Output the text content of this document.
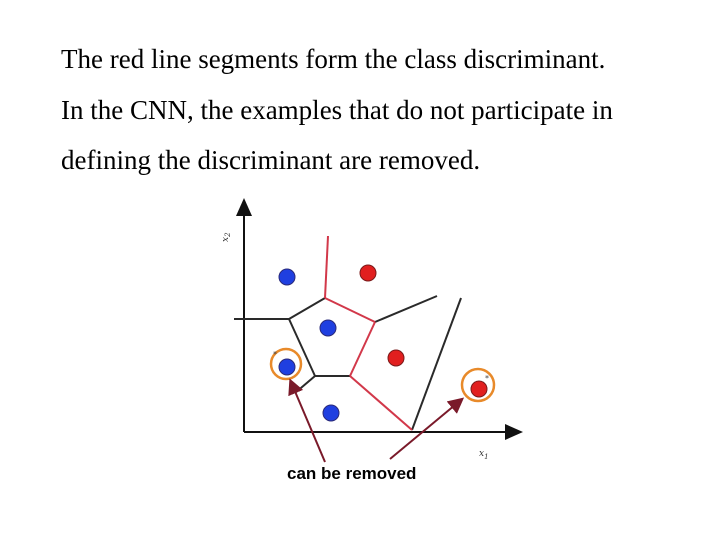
The red line segments form the class discriminant.
In the CNN, the examples that do not participate in
defining the discriminant are removed.
$x_2$
$x_1$
*
*
can be removed
